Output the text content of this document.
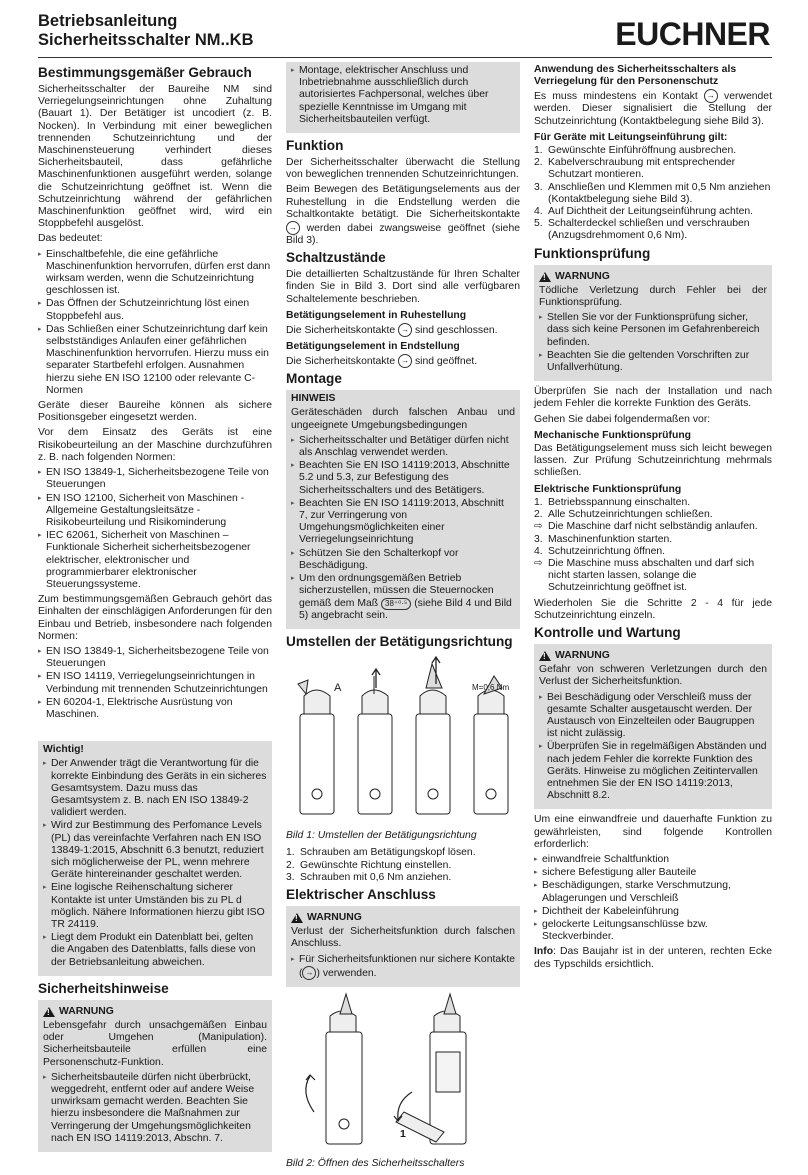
Betriebsanleitung
Sicherheitsschalter NM..KB	EUCHNER
Bestimmungsgemäßer Gebrauch

Sicherheitsschalter der Baureihe NM sind Verriegelungseinrichtungen ohne Zuhaltung (Bauart 1). Der Betätiger ist uncodiert (z. B. Nocken). In Verbindung mit einer beweglichen trennenden Schutzeinrichtung und der Maschinensteuerung verhindert dieses Sicherheitsbauteil, dass gefährliche Maschinenfunktionen ausgeführt werden, solange die Schutzeinrichtung geöffnet ist. Wenn die Schutzeinrichtung während der gefährlichen Maschinenfunktion geöffnet wird, wird ein Stoppbefehl ausgelöst.

Das bedeutet:

▸ Einschaltbefehle, die eine gefährliche Maschinenfunktion hervorrufen, dürfen erst dann wirksam werden, wenn die Schutzeinrichtung geschlossen ist.
▸ Das Öffnen der Schutzeinrichtung löst einen Stoppbefehl aus.
▸ Das Schließen einer Schutzeinrichtung darf kein selbstständiges Anlaufen einer gefährlichen Maschinenfunktion hervorrufen. Hierzu muss ein separater Startbefehl erfolgen. Ausnahmen hierzu siehe EN ISO 12100 oder relevante C-Normen

Geräte dieser Baureihe können als sichere Positionsgeber eingesetzt werden.

Vor dem Einsatz des Geräts ist eine Risikobeurteilung an der Maschine durchzuführen z. B. nach folgenden Normen:

▸ EN ISO 13849-1, Sicherheitsbezogene Teile von Steuerungen
▸ EN ISO 12100, Sicherheit von Maschinen - Allgemeine Gestaltungsleitsätze - Risikobeurteilung und Risikominderung
▸ IEC 62061, Sicherheit von Maschinen – Funktionale Sicherheit sicherheitsbezogener elektrischer, elektronischer und programmierbarer elektronischer Steuerungssysteme.

Zum bestimmungsgemäßen Gebrauch gehört das Einhalten der einschlägigen Anforderungen für den Einbau und Betrieb, insbesondere nach folgenden Normen:

▸ EN ISO 13849-1, Sicherheitsbezogene Teile von Steuerungen
▸ EN ISO 14119, Verriegelungseinrichtungen in Verbindung mit trennenden Schutzeinrichtungen
▸ EN 60204-1, Elektrische Ausrüstung von Maschinen.
Wichtig!
▸ Der Anwender trägt die Verantwortung für die korrekte Einbindung des Geräts in ein sicheres Gesamtsystem. Dazu muss das Gesamtsystem z. B. nach EN ISO 13849-2 validiert werden.
▸ Wird zur Bestimmung des Perfomance Levels (PL) das vereinfachte Verfahren nach EN ISO 13849-1:2015, Abschnitt 6.3 benutzt, reduziert sich möglicherweise der PL, wenn mehrere Geräte hintereinander geschaltet werden.
▸ Eine logische Reihenschaltung sicherer Kontakte ist unter Umständen bis zu PL d möglich. Nähere Informationen hierzu gibt ISO TR 24119.
▸ Liegt dem Produkt ein Datenblatt bei, gelten die Angaben des Datenblatts, falls diese von der Betriebsanleitung abweichen.
Sicherheitshinweise
!
WARNUNG

Lebensgefahr durch unsachgemäßen Einbau oder Umgehen (Manipulation). Sicherheitsbauteile erfüllen eine Personenschutz-Funktion.

▸ Sicherheitsbauteile dürfen nicht überbrückt, weggedreht, entfernt oder auf andere Weise unwirksam gemacht werden. Beachten Sie hierzu insbesondere die Maßnahmen zur Verringerung der Umgehungsmöglichkeiten nach EN ISO 14119:2013, Abschn. 7.
▸ Montage, elektrischer Anschluss und Inbetriebnahme ausschließlich durch autorisiertes Fachpersonal, welches über spezielle Kenntnisse im Umgang mit Sicherheitsbauteilen verfügt.
Funktion

Der Sicherheitsschalter überwacht die Stellung von beweglichen trennenden Schutzeinrichtungen.

Beim Bewegen des Betätigungselements aus der Ruhestellung in die Endstellung werden die Schaltkontakte betätigt. Die Sicherheitskontakte → werden dabei zwangsweise geöffnet (siehe Bild 3).

Schaltzustände

Die detaillierten Schaltzustände für Ihren Schalter finden Sie in Bild 3. Dort sind alle verfügbaren Schaltelemente beschrieben.

Betätigungselement in Ruhestellung

Die Sicherheitskontakte → sind geschlossen.

Betätigungselement in Endstellung

Die Sicherheitskontakte → sind geöffnet.

Montage
HINWEIS

Geräteschäden durch falschen Anbau und ungeeignete Umgebungsbedingungen

▸ Sicherheitsschalter und Betätiger dürfen nicht als Anschlag verwendet werden.
▸ Beachten Sie EN ISO 14119:2013, Abschnitte 5.2 und 5.3, zur Befestigung des Sicherheitsschalters und des Betätigers.
▸ Beachten Sie EN ISO 14119:2013, Abschnitt 7, zur Verringerung von Umgehungsmöglichkeiten einer Verriegelungseinrichtung
▸ Schützen Sie den Schalterkopf vor Beschädigung.
▸ Um den ordnungsgemäßen Betrieb sicherzustellen, müssen die Steuernocken gemäß dem Maß 38⁺⁰·⁵ (siehe Bild 4 und Bild 5) angebracht sein.
Umstellen der Betätigungsrichtung
A	M=0,6 Nm
Bild 1: Umstellen der Betätigungsrichtung
1. Schrauben am Betätigungskopf lösen.
2. Gewünschte Richtung einstellen.
3. Schrauben mit 0,6 Nm anziehen.
Elektrischer Anschluss
!
WARNUNG

Verlust der Sicherheitsfunktion durch falschen Anschluss.

▸ Für Sicherheitsfunktionen nur sichere Kontakte ( → ) verwenden.
Bild 2: Öffnen des Sicherheitsschalters
Anwendung des Sicherheitsschalters als Verriegelung für den Personenschutz

Es muss mindestens ein Kontakt → verwendet werden. Dieser signalisiert die Stellung der Schutzeinrichtung (Kontaktbelegung siehe Bild 3).

Für Geräte mit Leitungseinführung gilt:
1. Gewünschte Einführöffnung ausbrechen.
2. Kabelverschraubung mit entsprechender Schutzart montieren.
3. Anschließen und Klemmen mit 0,5 Nm anziehen (Kontaktbelegung siehe Bild 3).
4. Auf Dichtheit der Leitungseinführung achten.
5. Schalterdeckel schließen und verschrauben (Anzugsdrehmoment 0,6 Nm).
Funktionsprüfung
!
WARNUNG

Tödliche Verletzung durch Fehler bei der Funktionsprüfung.

▸ Stellen Sie vor der Funktionsprüfung sicher, dass sich keine Personen im Gefahrenbereich befinden.
▸ Beachten Sie die geltenden Vorschriften zur Unfallverhütung.

Überprüfen Sie nach der Installation und nach jedem Fehler die korrekte Funktion des Geräts.

Gehen Sie dabei folgendermaßen vor:

Mechanische Funktionsprüfung

Das Betätigungselement muss sich leicht bewegen lassen. Zur Prüfung Schutzeinrichtung mehrmals schließen.

Elektrische Funktionsprüfung
1. Betriebsspannung einschalten.
2. Alle Schutzeinrichtungen schließen.
⇨ Die Maschine darf nicht selbständig anlaufen.
3. Maschinenfunktion starten.
4. Schutzeinrichtung öffnen.
⇨ Die Maschine muss abschalten und darf sich nicht starten lassen, solange die Schutzeinrichtung geöffnet ist.

Wiederholen Sie die Schritte 2 - 4 für jede Schutzeinrichtung einzeln.

Kontrolle und Wartung
!
WARNUNG

Gefahr von schweren Verletzungen durch den Verlust der Sicherheitsfunktion.

▸ Bei Beschädigung oder Verschleiß muss der gesamte Schalter ausgetauscht werden. Der Austausch von Einzelteilen oder Baugruppen ist nicht zulässig.
▸ Überprüfen Sie in regelmäßigen Abständen und nach jedem Fehler die korrekte Funktion des Geräts. Hinweise zu möglichen Zeitintervallen entnehmen Sie der EN ISO 14119:2013, Abschnitt 8.2.

Um eine einwandfreie und dauerhafte Funktion zu gewährleisten, sind folgende Kontrollen erforderlich:

▸ einwandfreie Schaltfunktion
▸ sichere Befestigung aller Bauteile
▸ Beschädigungen, starke Verschmutzung, Ablagerungen und Verschleiß
▸ Dichtheit der Kabeleinführung
▸ gelockerte Leitungsanschlüsse bzw. Steckverbinder.

Info: Das Baujahr ist in der unteren, rechten Ecke des Typschilds ersichtlich.

1
